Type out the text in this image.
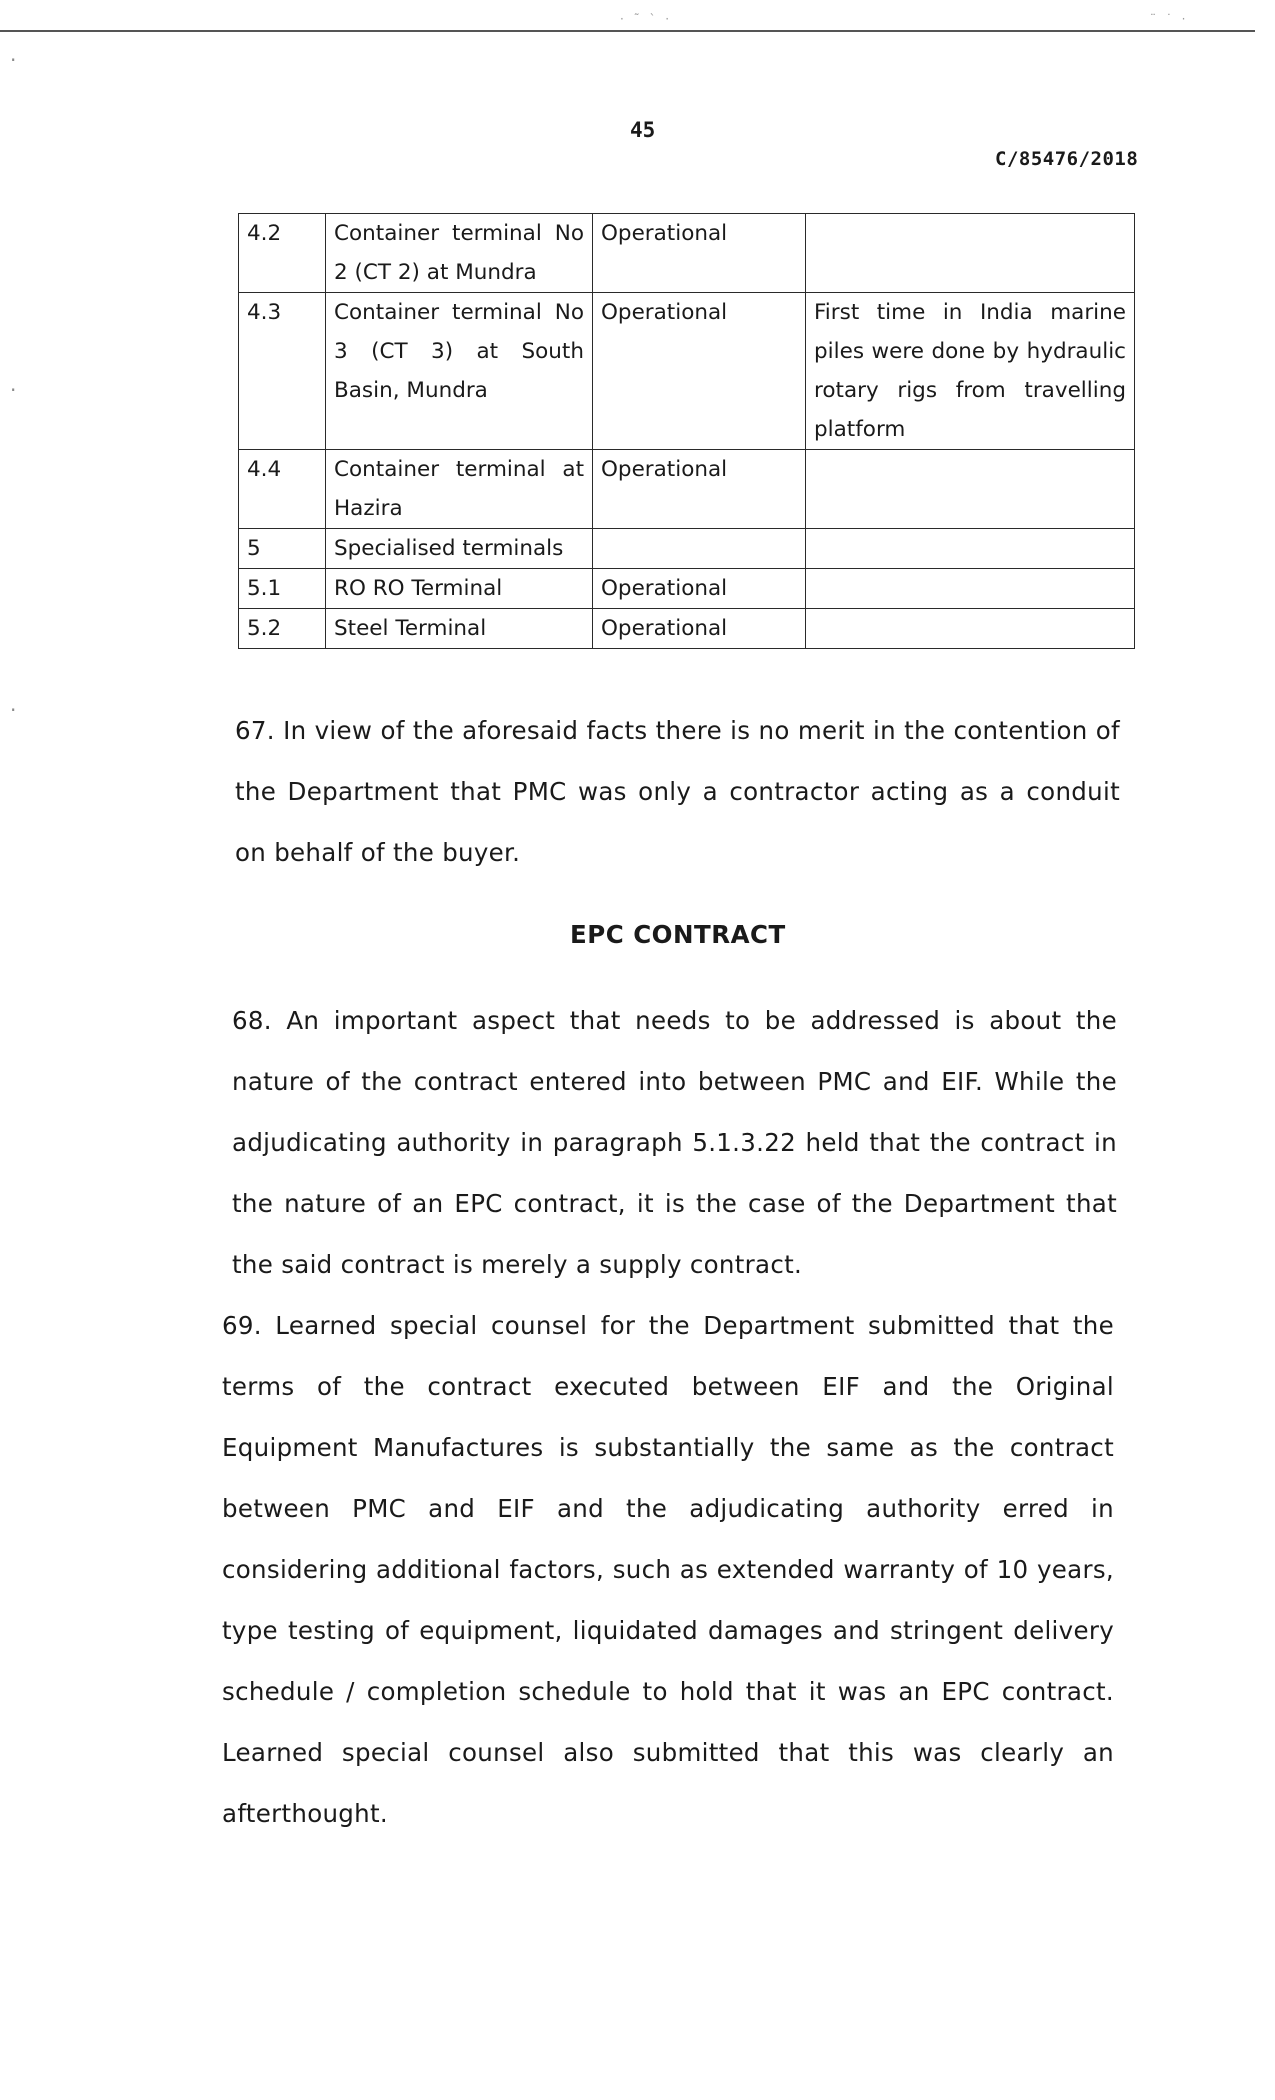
· ˜ ` ·	¨ ˙ ·
·
·
·
45
C/85476/2018
4.2	Container terminal No 2 (CT 2) at Mundra	Operational	
4.3	Container terminal No 3 (CT 3) at South Basin, Mundra	Operational	First time in India marine piles were done by hydraulic rotary rigs from travelling platform
4.4	Container terminal at Hazira	Operational	
5	Specialised terminals		
5.1	RO RO Terminal	Operational	
5.2	Steel Terminal	Operational	
67. In view of the aforesaid facts there is no merit in the contention of the Department that PMC was only a contractor acting as a conduit on behalf of the buyer.
EPC CONTRACT
68. An important aspect that needs to be addressed is about the nature of the contract entered into between PMC and EIF. While the adjudicating authority in paragraph 5.1.3.22 held that the contract in the nature of an EPC contract, it is the case of the Department that the said contract is merely a supply contract.
69. Learned special counsel for the Department submitted that the terms of the contract executed between EIF and the Original Equipment Manufactures is substantially the same as the contract between PMC and EIF and the adjudicating authority erred in considering additional factors, such as extended warranty of 10 years, type testing of equipment, liquidated damages and stringent delivery schedule / completion schedule to hold that it was an EPC contract. Learned special counsel also submitted that this was clearly an afterthought.
